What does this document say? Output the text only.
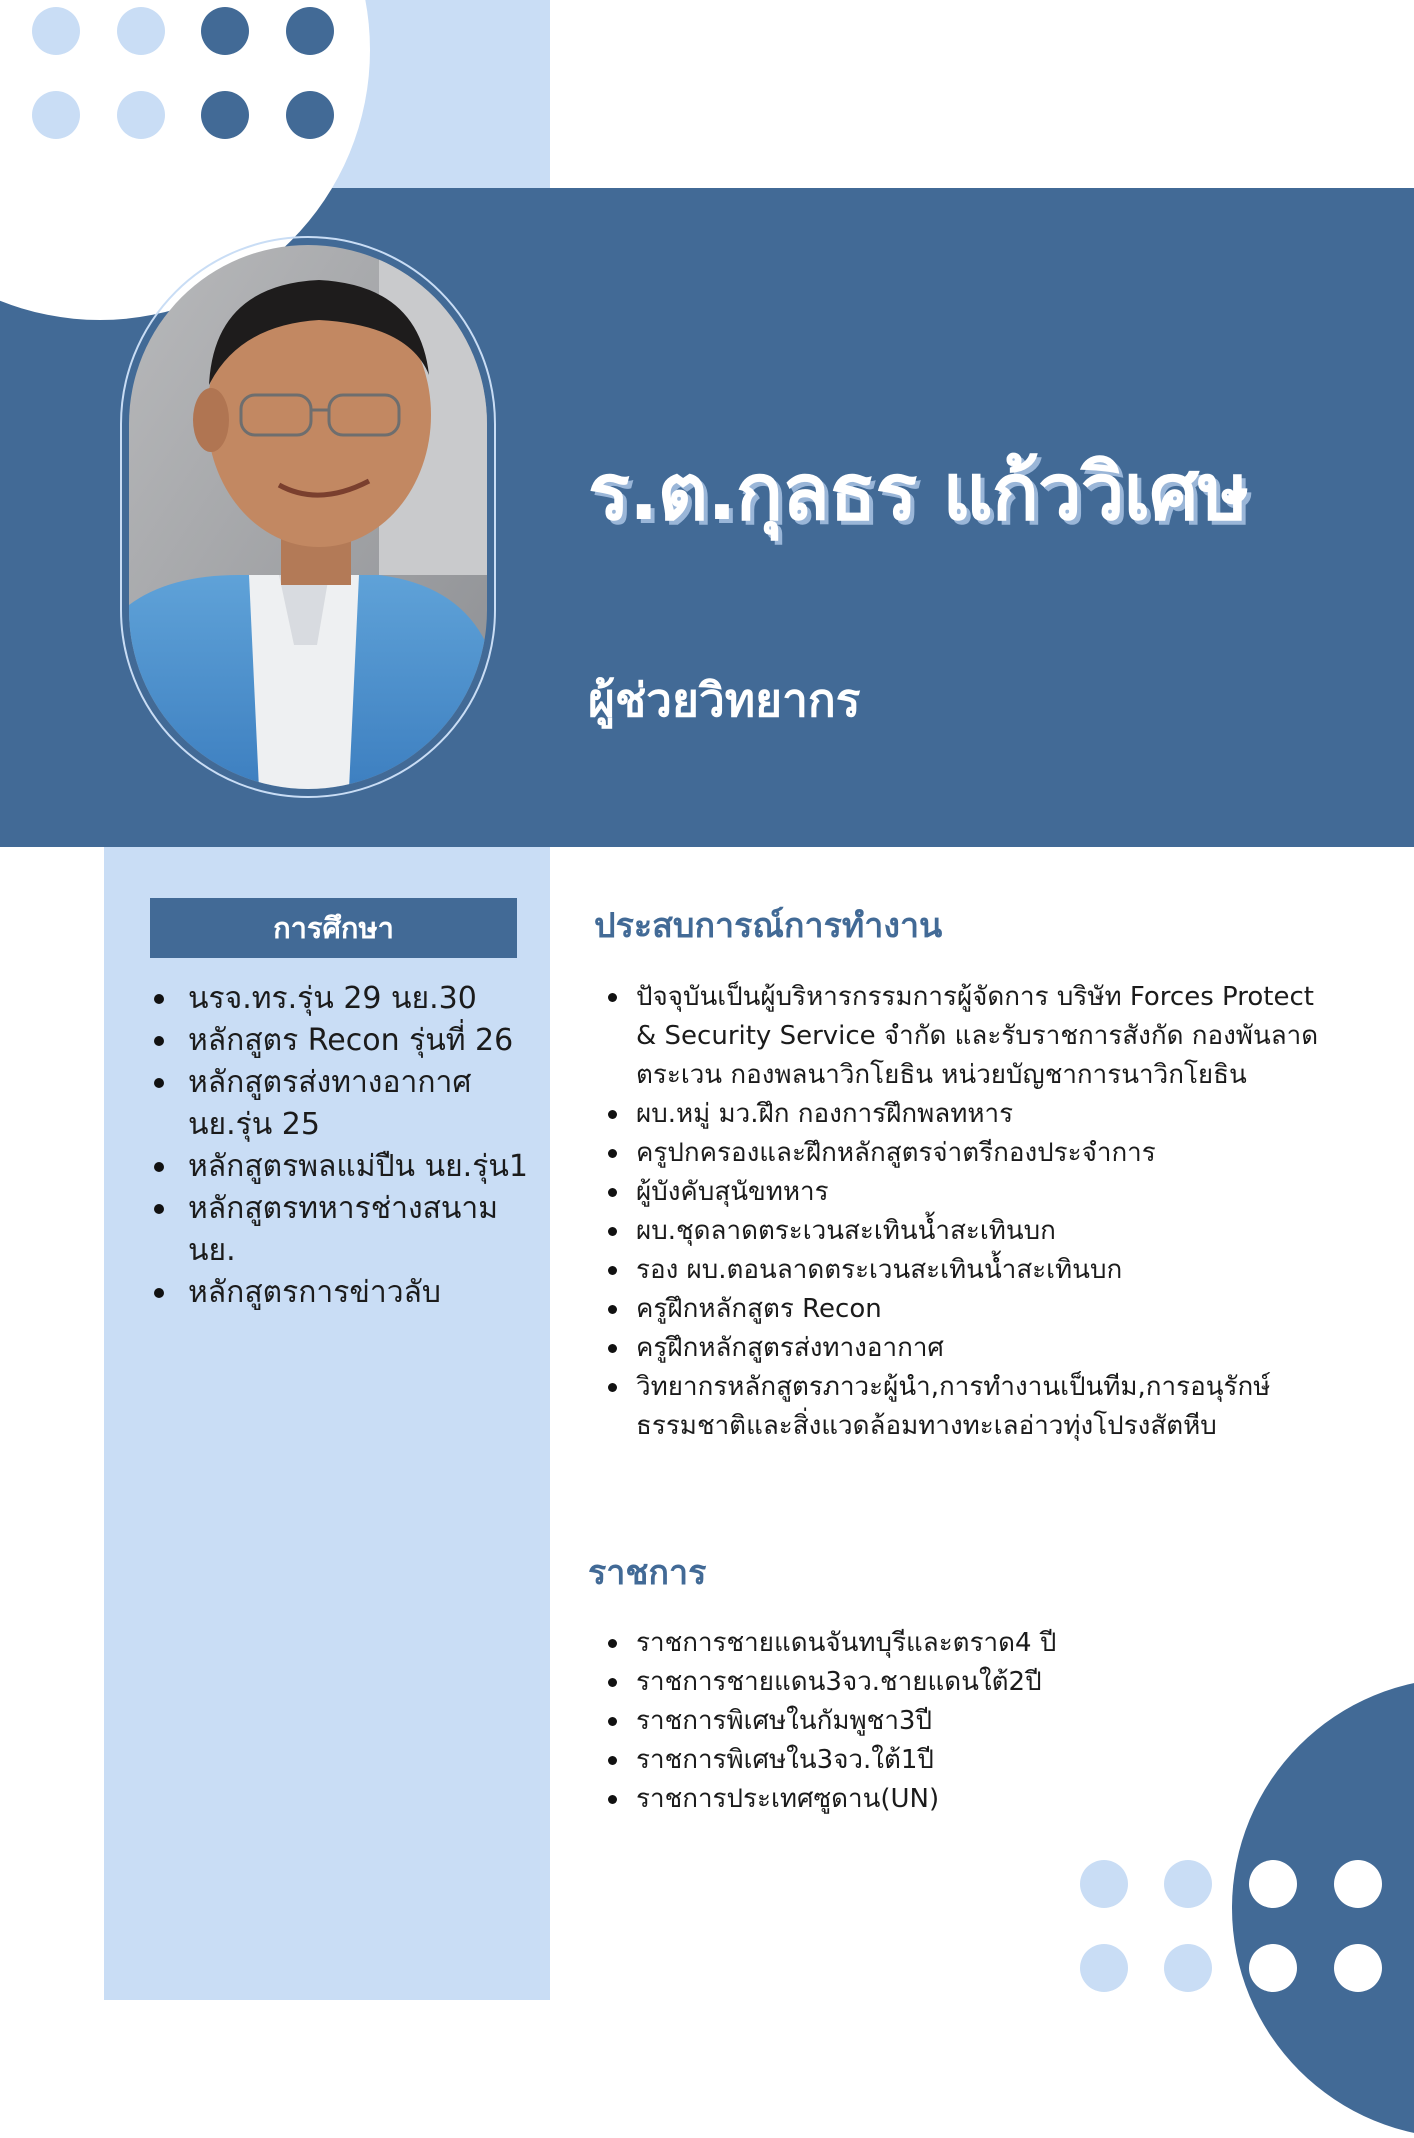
ร.ต.กุลธร แก้ววิเศษ
ผู้ช่วยวิทยากร
การศึกษา
นรจ.ทร.รุ่น 29 นย.30
หลักสูตร Recon รุ่นที่ 26
หลักสูตรส่งทางอากาศ นย.รุ่น 25
หลักสูตรพลแม่ปืน นย.รุ่น1
หลักสูตรทหารช่างสนาม นย.
หลักสูตรการข่าวลับ
ประสบการณ์การทำงาน
ปัจจุบันเป็นผู้บริหารกรรมการผู้จัดการ บริษัท Forces Protect & Security Service จำกัด และรับราชการสังกัด กองพันลาดตระเวน กองพลนาวิกโยธิน หน่วยบัญชาการนาวิกโยธิน
ผบ.หมู่ มว.ฝึก กองการฝึกพลทหาร
ครูปกครองและฝึกหลักสูตรจ่าตรีกองประจำการ
ผู้บังคับสุนัขทหาร
ผบ.ชุดลาดตระเวนสะเทินน้ำสะเทินบก
รอง ผบ.ตอนลาดตระเวนสะเทินน้ำสะเทินบก
ครูฝึกหลักสูตร Recon
ครูฝึกหลักสูตรส่งทางอากาศ
วิทยากรหลักสูตรภาวะผู้นำ,การทำงานเป็นทีม,การอนุรักษ์ธรรมชาติและสิ่งแวดล้อมทางทะเลอ่าวทุ่งโปรงสัตหีบ
ราชการ
ราชการชายแดนจันทบุรีและตราด4 ปี
ราชการชายแดน3จว.ชายแดนใต้2ปี
ราชการพิเศษในกัมพูชา3ปี
ราชการพิเศษใน3จว.ใต้1ปี
ราชการประเทศซูดาน(UN)
